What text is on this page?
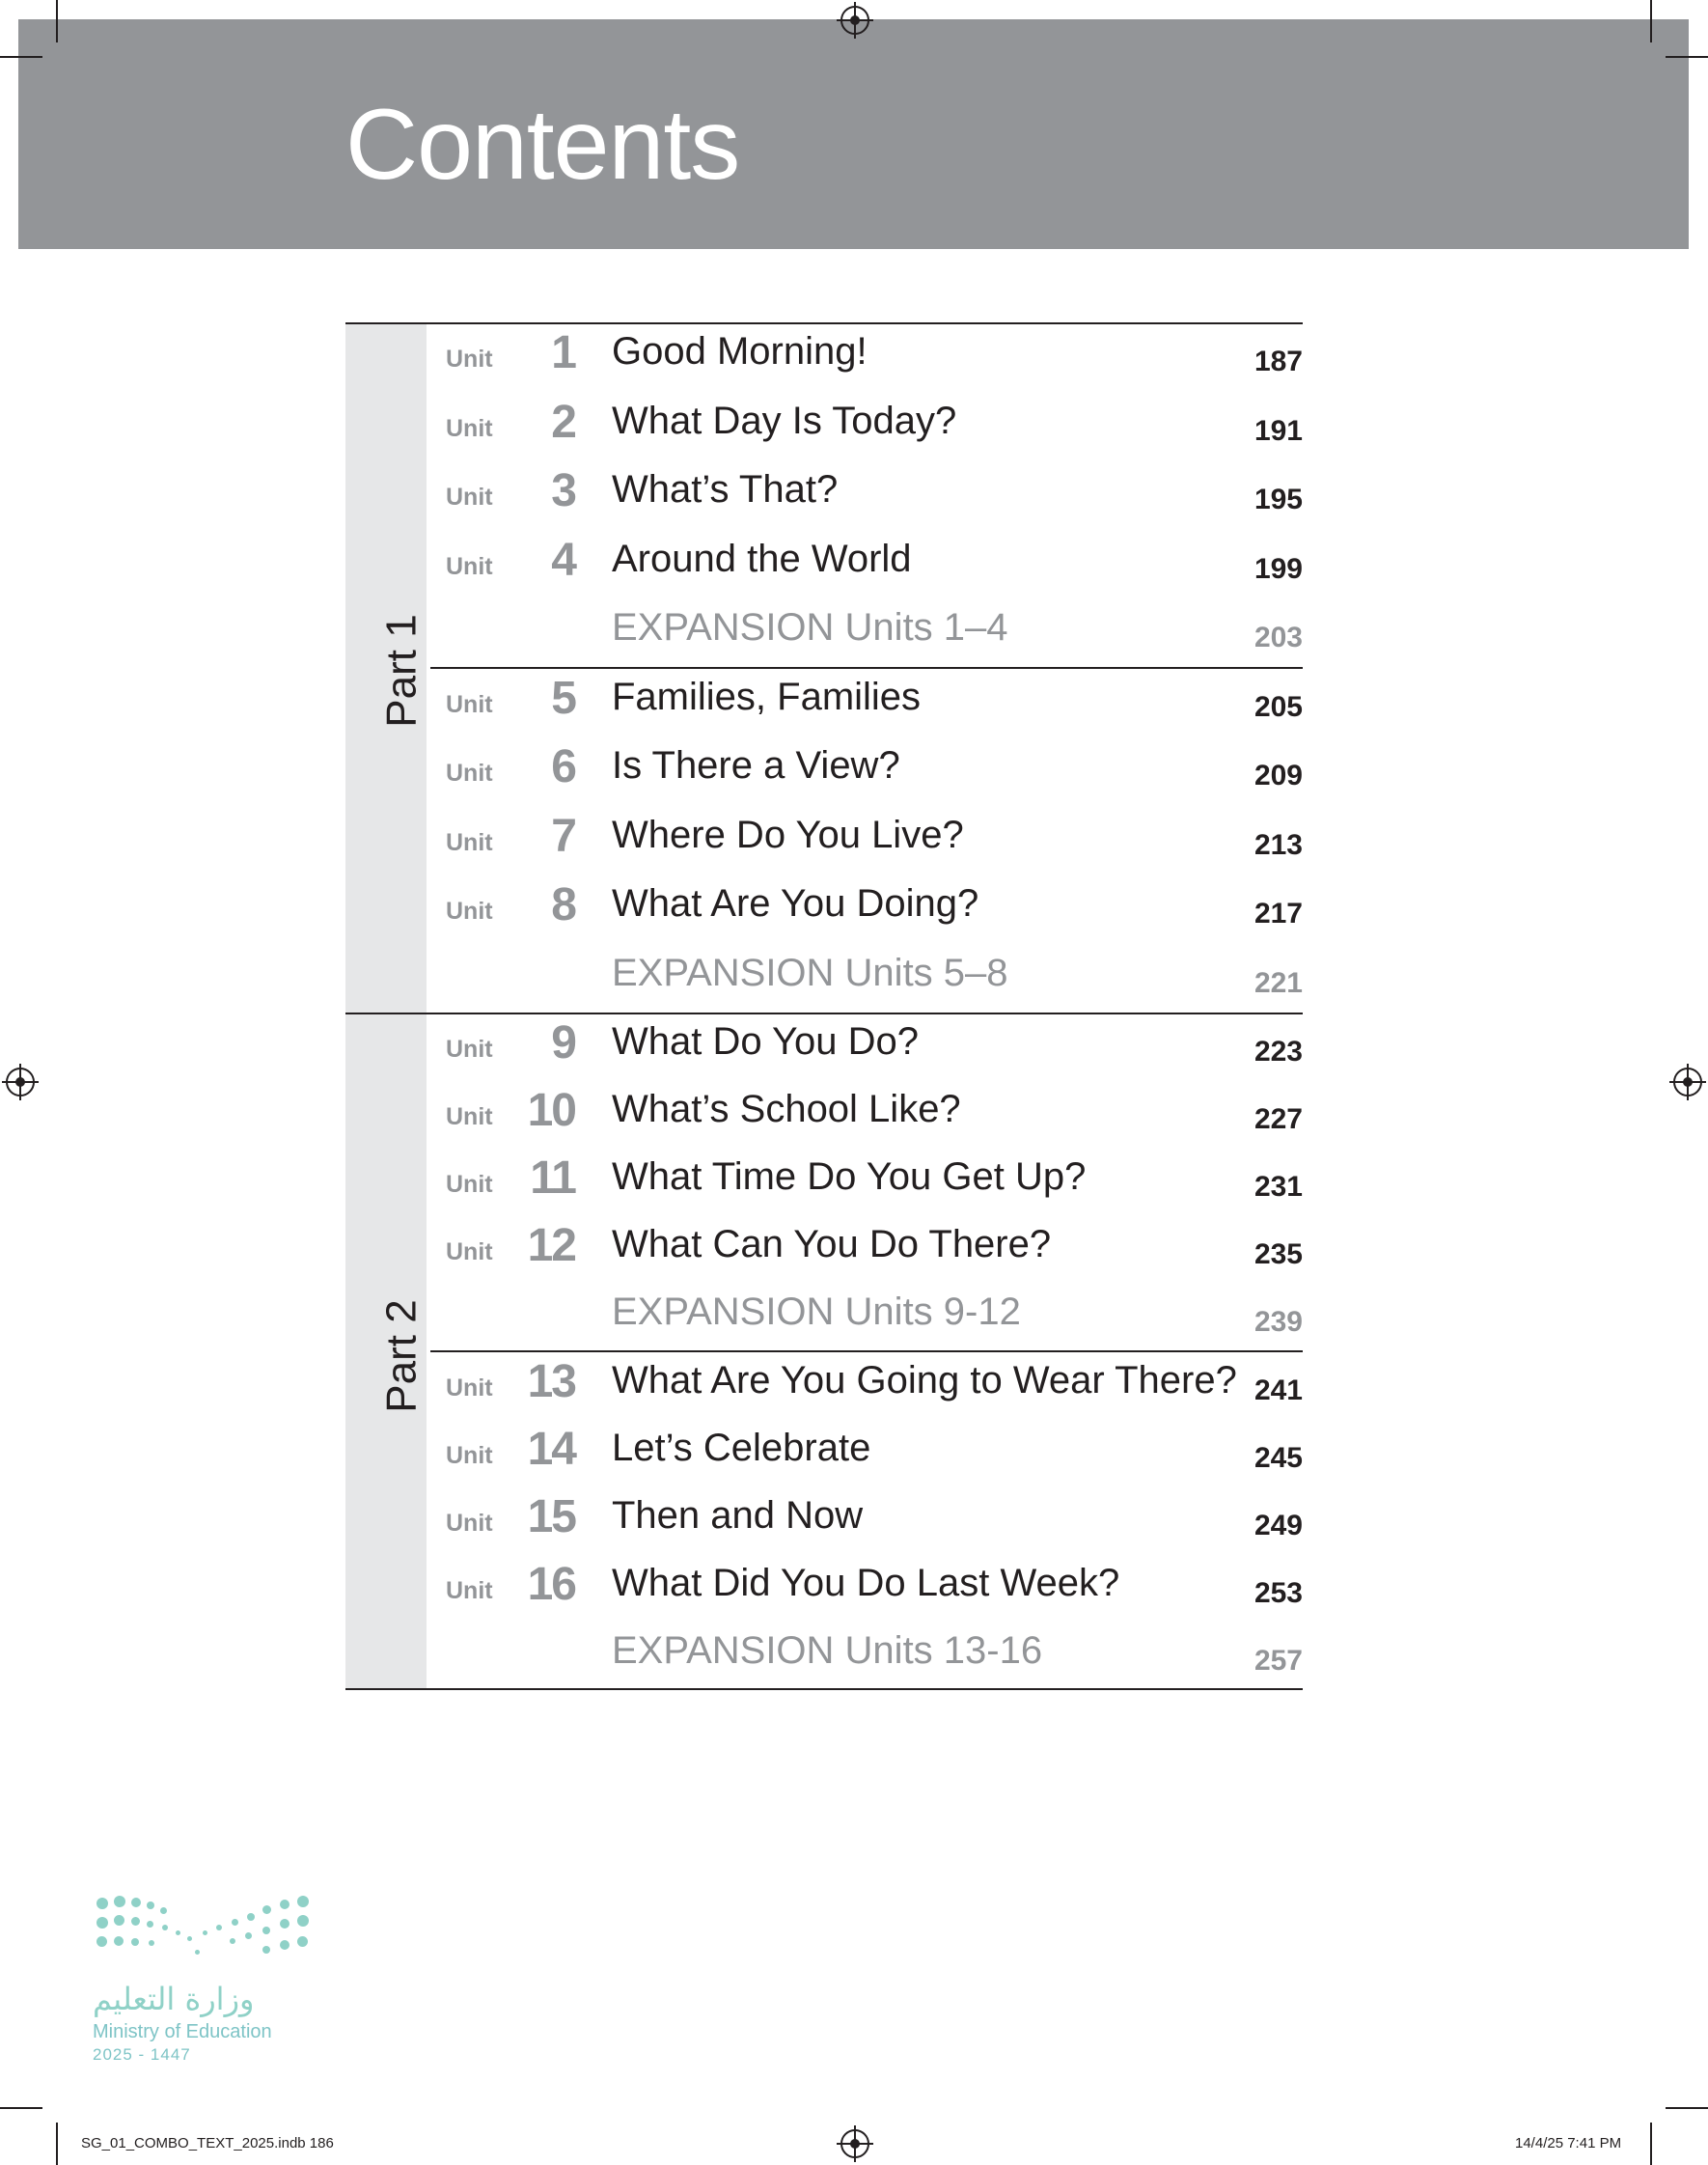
Contents
Part 1
Part 2
Unit	1 Good Morning!	187
Unit	2 What Day Is Today?	191
Unit	3 What’s That?	195
Unit	4 Around the World	199
EXPANSION Units 1–4	203
Unit	5 Families, Families	205
Unit	6 Is There a View?	209
Unit	7 Where Do You Live?	213
Unit	8 What Are You Doing?	217
EXPANSION Units 5–8	221
Unit	9 What Do You Do?	223
Unit 10 What’s School Like?	227
Unit 11 What Time Do You Get Up?	231
Unit 12 What Can You Do There?	235
EXPANSION Units 9-12	239
Unit 13 What Are You Going to Wear There? 241
Unit 14 Let’s Celebrate	245
Unit 15 Then and Now	249
Unit 16 What Did You Do Last Week?	253
EXPANSION Units 13-16	257
وزارة التعليم
Ministry of Education
2025 - 1447
SG_01_COMBO_TEXT_2025.indb 186	14/4/25 7:41 PM
